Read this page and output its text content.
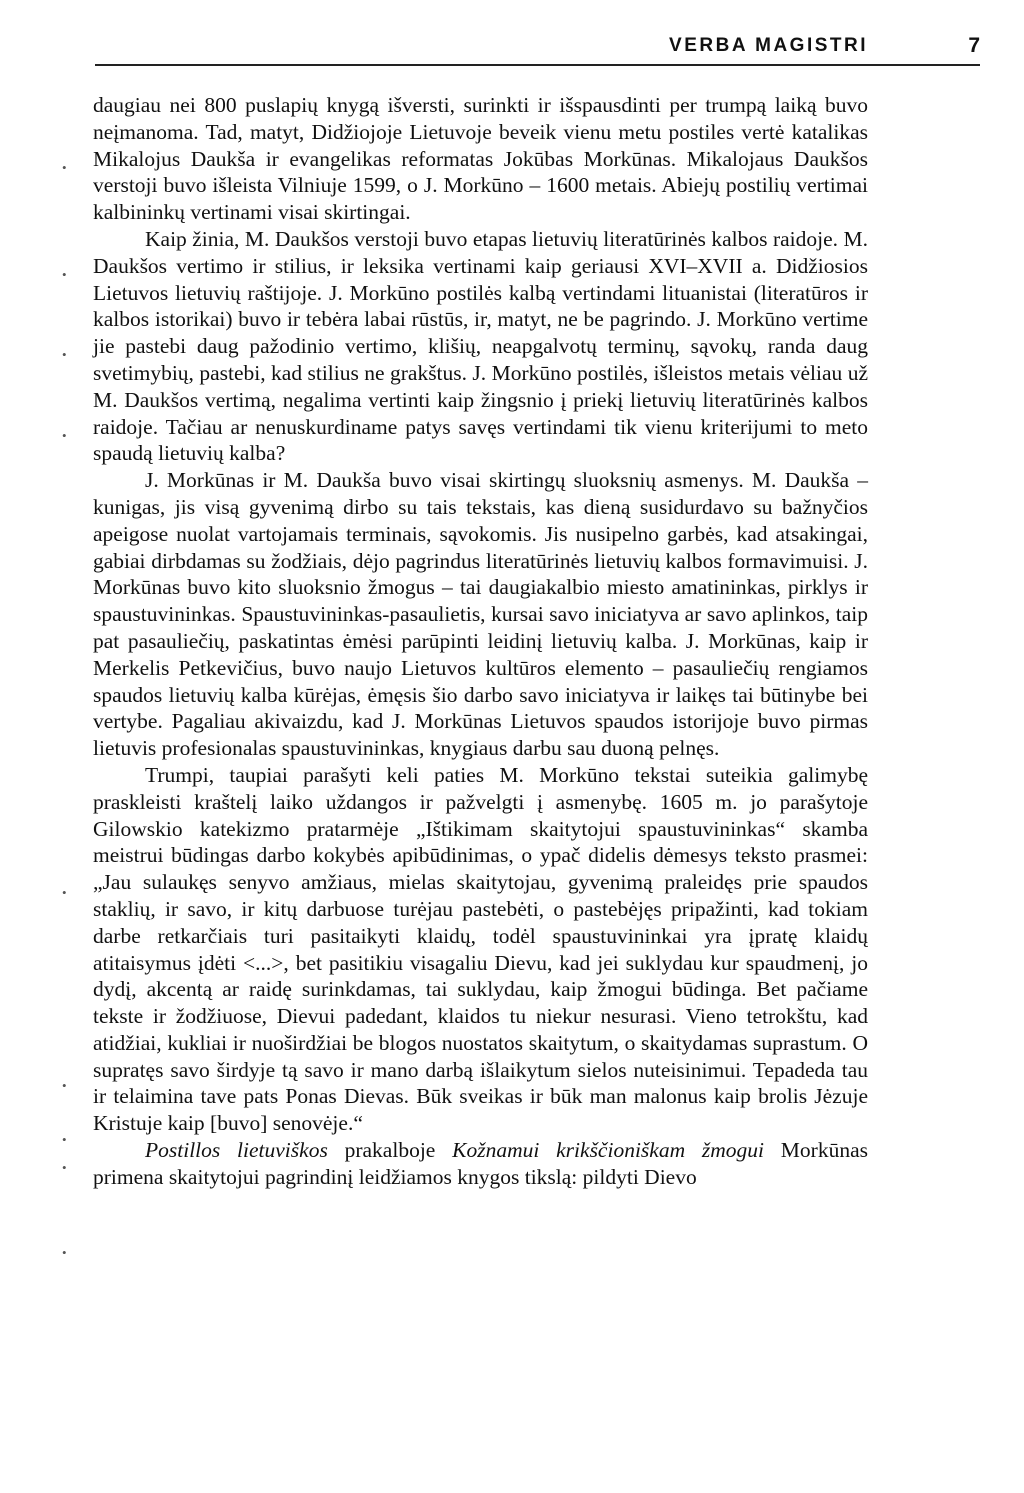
VERBA MAGISTRI	7
•
•
•
•
•
•
•
•
•

daugiau nei 800 puslapių knygą išversti, surinkti ir išspausdinti per trumpą laiką buvo neįmanoma. Tad, matyt, Didžiojoje Lietuvoje beveik vienu metu postiles vertė katalikas Mikalojus Daukša ir evangelikas reformatas Jokūbas Morkūnas. Mikalojaus Daukšos verstoji buvo išleista Vilniuje 1599, o J. Morkūno – 1600 metais. Abiejų postilių vertimai kalbininkų vertinami visai skirtingai.

Kaip žinia, M. Daukšos verstoji buvo etapas lietuvių literatūrinės kalbos raidoje. M. Daukšos vertimo ir stilius, ir leksika vertinami kaip geriausi XVI–XVII a. Didžiosios Lietuvos lietuvių raštijoje. J. Morkūno postilės kalbą vertindami lituanistai (literatūros ir kalbos istorikai) buvo ir tebėra labai rūstūs, ir, matyt, ne be pagrindo. J. Morkūno vertime jie pastebi daug pažodinio vertimo, klišių, neapgalvotų terminų, sąvokų, randa daug svetimybių, pastebi, kad stilius ne grakštus. J. Morkūno postilės, išleistos metais vėliau už M. Daukšos vertimą, negalima vertinti kaip žingsnio į priekį lietuvių literatūrinės kalbos raidoje. Tačiau ar nenuskurdiname patys savęs vertindami tik vienu kriterijumi to meto spaudą lietuvių kalba?

J. Morkūnas ir M. Daukša buvo visai skirtingų sluoksnių asmenys. M. Daukša – kunigas, jis visą gyvenimą dirbo su tais tekstais, kas dieną susidurdavo su bažnyčios apeigose nuolat vartojamais terminais, sąvokomis. Jis nusipelno garbės, kad atsakingai, gabiai dirbdamas su žodžiais, dėjo pagrindus literatūrinės lietuvių kalbos formavimuisi. J. Morkūnas buvo kito sluoksnio žmogus – tai daugiakalbio miesto amatininkas, pirklys ir spaustuvininkas. Spaustuvininkas-pasaulietis, kursai savo iniciatyva ar savo aplinkos, taip pat pasauliečių, paskatintas ėmėsi parūpinti leidinį lietuvių kalba. J. Morkūnas, kaip ir Merkelis Petkevičius, buvo naujo Lietuvos kultūros elemento – pasauliečių rengiamos spaudos lietuvių kalba kūrėjas, ėmęsis šio darbo savo iniciatyva ir laikęs tai būtinybe bei vertybe. Pagaliau akivaizdu, kad J. Morkūnas Lietuvos spaudos istorijoje buvo pirmas lietuvis profesionalas spaustuvininkas, knygiaus darbu sau duoną pelnęs.

Trumpi, taupiai parašyti keli paties M. Morkūno tekstai suteikia galimybę praskleisti kraštelį laiko uždangos ir pažvelgti į asmenybę. 1605 m. jo parašytoje Gilowskio katekizmo pratarmėje „Ištikimam skaitytojui spaustuvininkas“ skamba meistrui būdingas darbo kokybės apibūdinimas, o ypač didelis dėmesys teksto prasmei: „Jau sulaukęs senyvo amžiaus, mielas skaitytojau, gyvenimą praleidęs prie spaudos staklių, ir savo, ir kitų darbuose turėjau pastebėti, o pastebėjęs pripažinti, kad tokiam darbe retkarčiais turi pasitaikyti klaidų, todėl spaustuvininkai yra įpratę klaidų atitaisymus įdėti <...>, bet pasitikiu visagaliu Dievu, kad jei suklydau kur spaudmenį, jo dydį, akcentą ar raidę surinkdamas, tai suklydau, kaip žmogui būdinga. Bet pačiame tekste ir žodžiuose, Dievui padedant, klaidos tu niekur nesurasi. Vieno tetrokštu, kad atidžiai, kukliai ir nuoširdžiai be blogos nuostatos skaitytum, o skaitydamas suprastum. O supratęs savo širdyje tą savo ir mano darbą išlaikytum sielos nuteisinimui. Tepadeda tau ir telaimina tave pats Ponas Dievas. Būk sveikas ir būk man malonus kaip brolis Jėzuje Kristuje kaip [buvo] senovėje.“

Postillos lietuviškos prakalboje Kožnamui krikščioniškam žmogui Morkūnas primena skaitytojui pagrindinį leidžiamos knygos tikslą: pildyti Dievo
